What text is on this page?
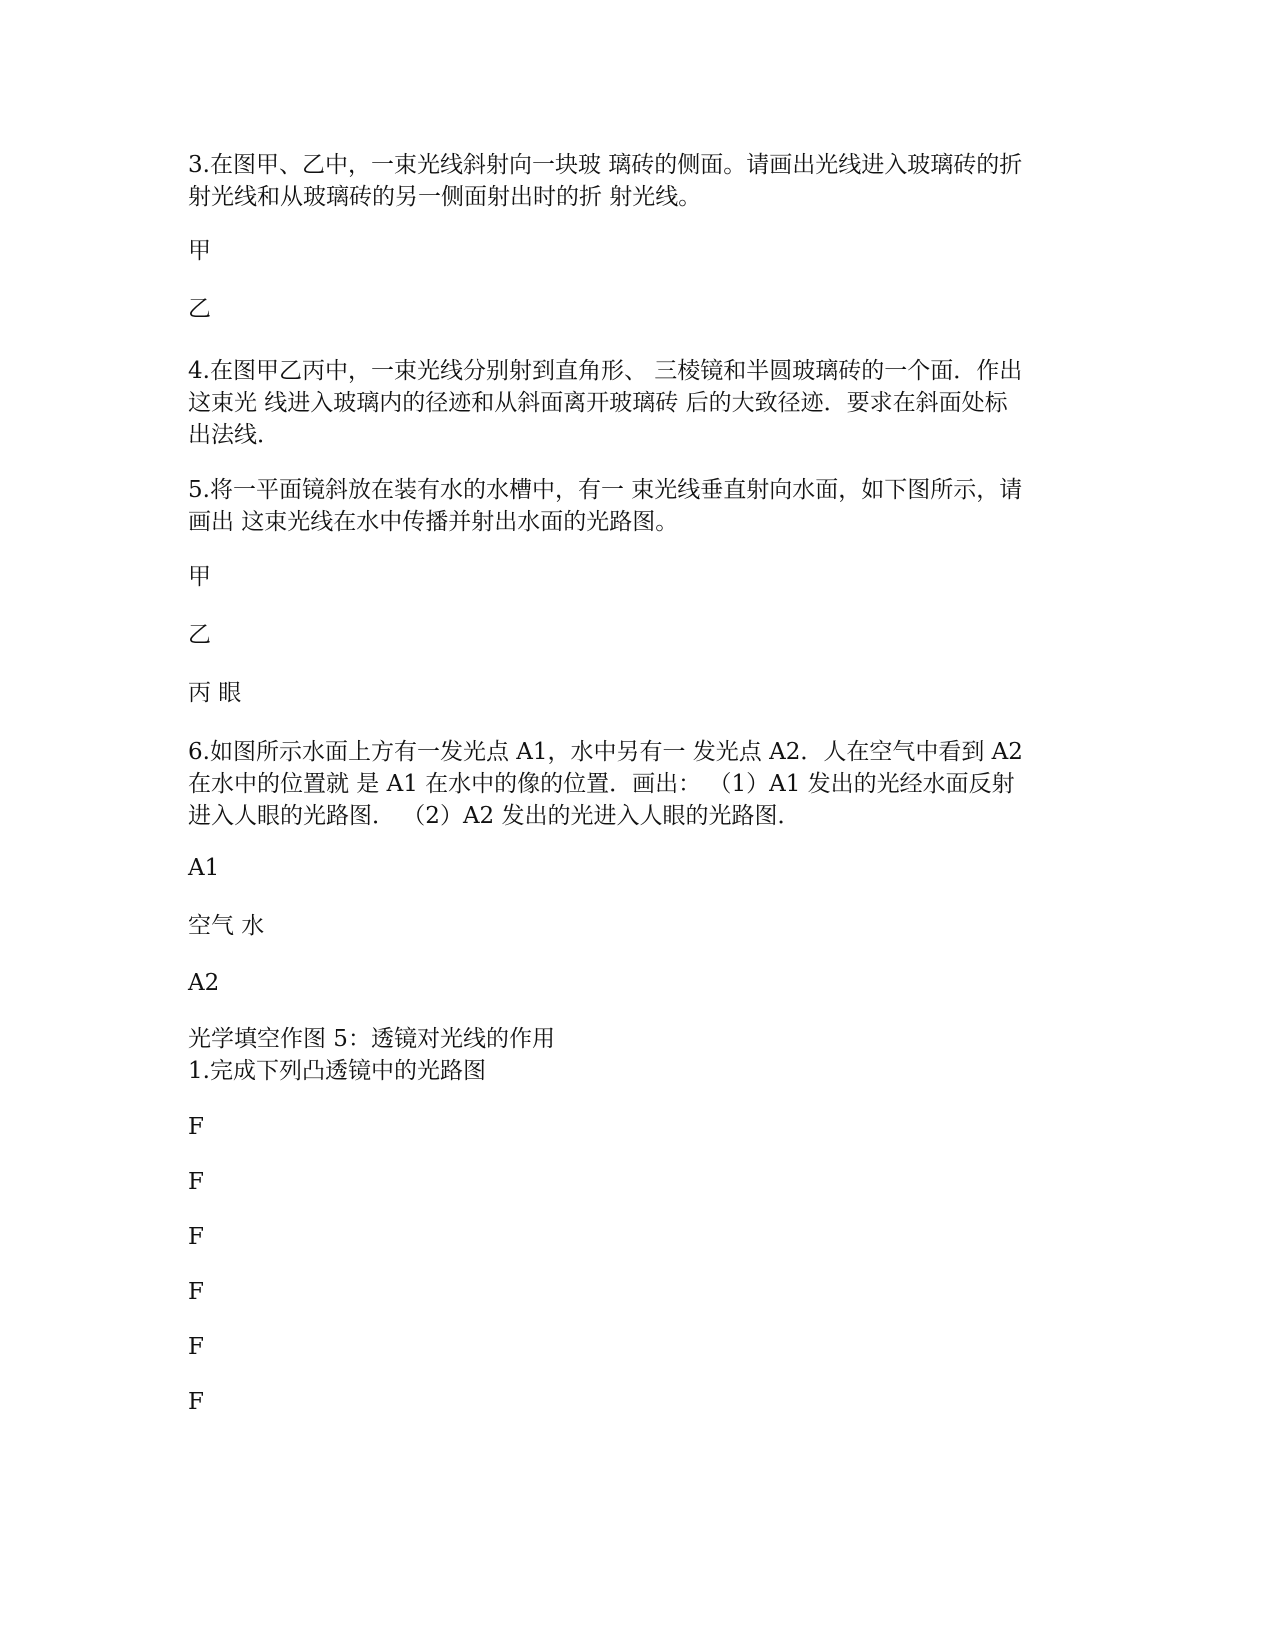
3.在图甲、乙中，一束光线斜射向一块玻 璃砖的侧面。请画出光线进入玻璃砖的折
射光线和从玻璃砖的另一侧面射出时的折 射光线。
甲
乙
4.在图甲乙丙中，一束光线分别射到直角形、 三棱镜和半圆玻璃砖的一个面．作出
这束光 线进入玻璃内的径迹和从斜面离开玻璃砖 后的大致径迹．要求在斜面处标
出法线．
5.将一平面镜斜放在装有水的水槽中，有一 束光线垂直射向水面，如下图所示，请
画出 这束光线在水中传播并射出水面的光路图。
甲
乙
丙 眼
6.如图所示水面上方有一发光点 A1，水中另有一 发光点 A2．人在空气中看到 A2
在水中的位置就 是 A1 在水中的像的位置．画出： （1）A1 发出的光经水面反射
进入人眼的光路图． （2）A2 发出的光进入人眼的光路图．
A1
空气 水
A2
光学填空作图 5：透镜对光线的作用
1.完成下列凸透镜中的光路图
F
F
F
F
F
F
